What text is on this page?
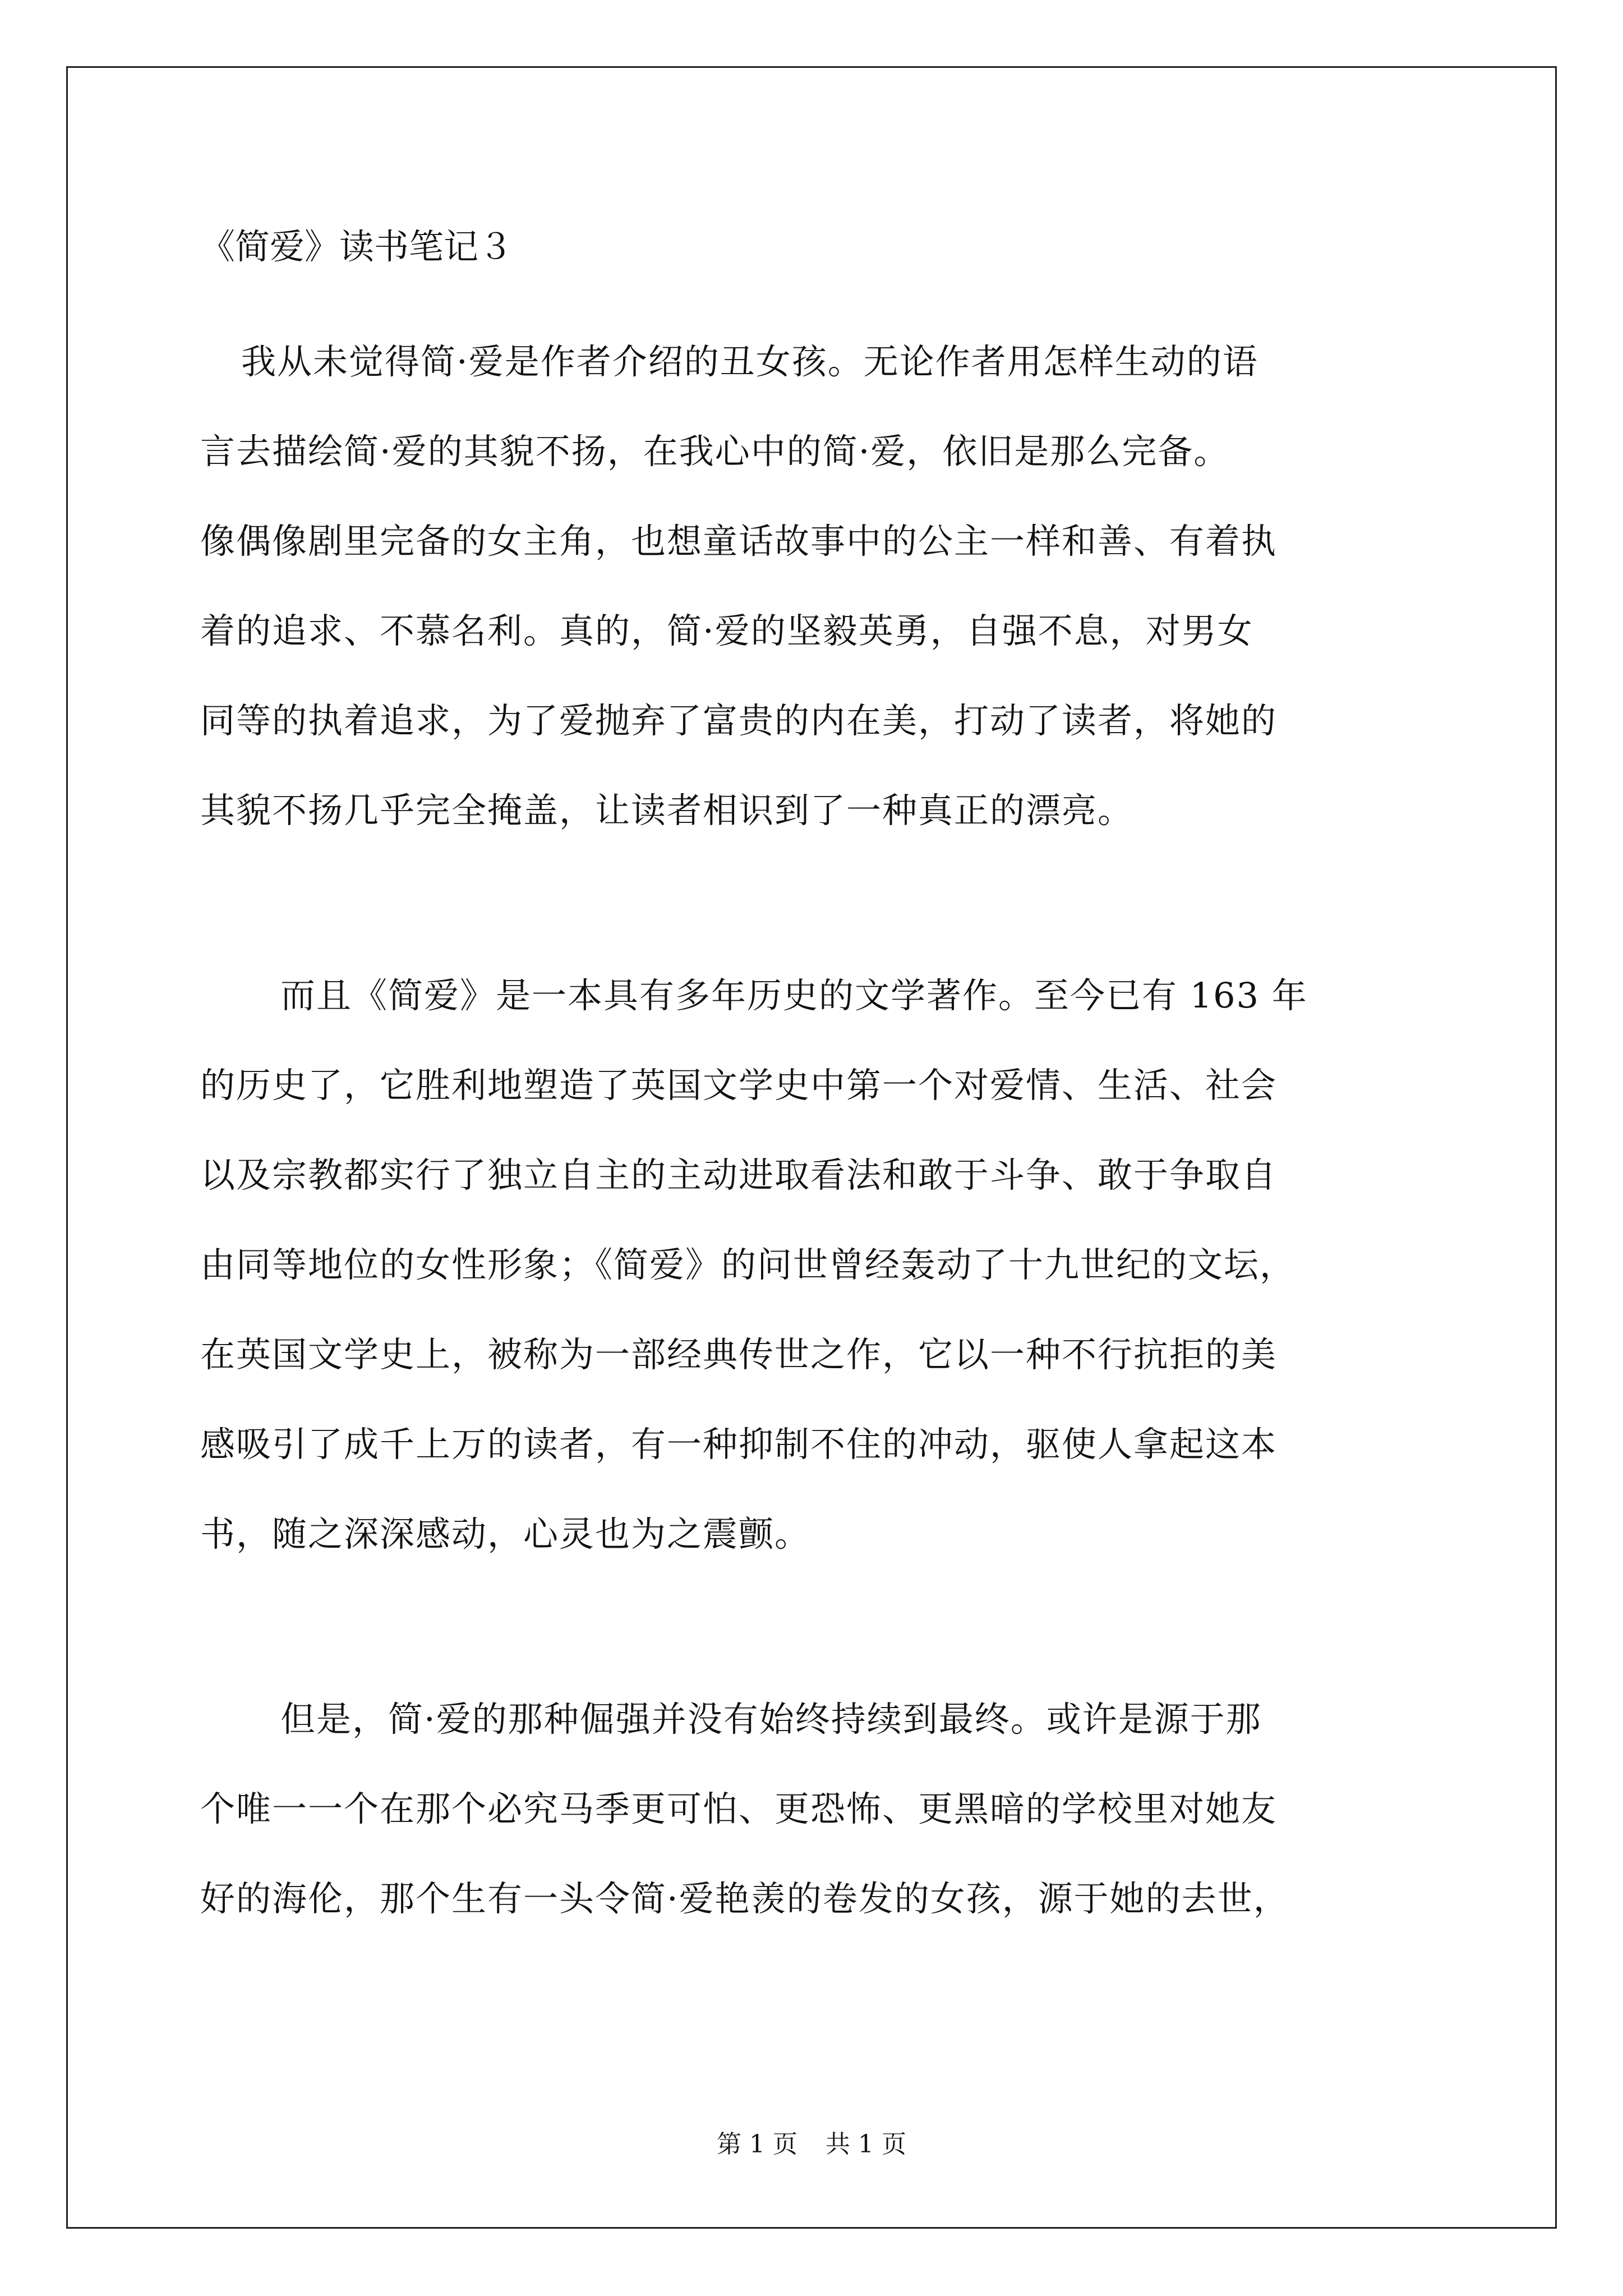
《简爱》读书笔记３

我从未觉得简·爱是作者介绍的丑女孩。无论作者用怎样生动的语

言去描绘简·爱的其貌不扬，在我心中的简·爱，依旧是那么完备。

像偶像剧里完备的女主角，也想童话故事中的公主一样和善、有着执

着的追求、不慕名利。真的，简·爱的坚毅英勇，自强不息，对男女

同等的执着追求，为了爱抛弃了富贵的内在美，打动了读者，将她的

其貌不扬几乎完全掩盖，让读者相识到了一种真正的漂亮。

而且《简爱》是一本具有多年历史的文学著作。至今已有 163 年

的历史了，它胜利地塑造了英国文学史中第一个对爱情、生活、社会

以及宗教都实行了独立自主的主动进取看法和敢于斗争、敢于争取自

由同等地位的女性形象；《简爱》的问世曾经轰动了十九世纪的文坛，

在英国文学史上，被称为一部经典传世之作，它以一种不行抗拒的美

感吸引了成千上万的读者，有一种抑制不住的冲动，驱使人拿起这本

书，随之深深感动，心灵也为之震颤。

但是，简·爱的那种倔强并没有始终持续到最终。或许是源于那

个唯一一个在那个必究马季更可怕、更恐怖、更黑暗的学校里对她友

好的海伦，那个生有一头令简·爱艳羡的卷发的女孩，源于她的去世，

第 1 页 共 1 页
